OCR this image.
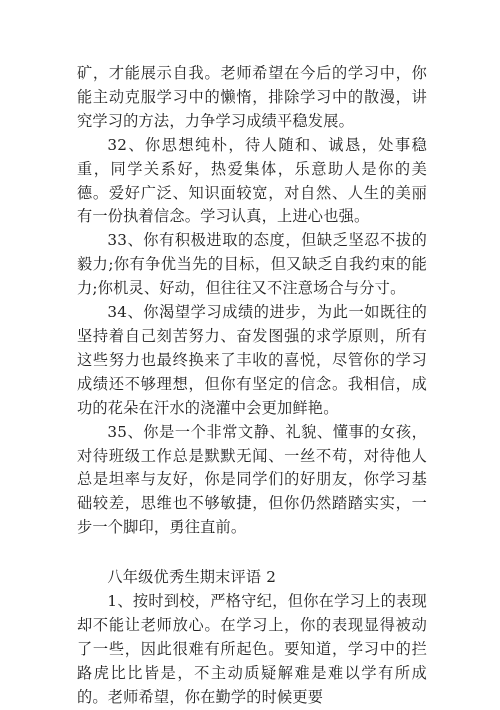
矿，才能展示自我。老师希望在今后的学习中，你能主动克服学习中的懒惰，排除学习中的散漫，讲究学习的方法，力争学习成绩平稳发展。

32、你思想纯朴，待人随和、诚恳，处事稳重，同学关系好，热爱集体，乐意助人是你的美德。爱好广泛、知识面较宽，对自然、人生的美丽有一份执着信念。学习认真，上进心也强。

33、你有积极进取的态度，但缺乏坚忍不拔的毅力;你有争优当先的目标，但又缺乏自我约束的能力;你机灵、好动，但往往又不注意场合与分寸。

34、你渴望学习成绩的进步，为此一如既往的坚持着自己刻苦努力、奋发图强的求学原则，所有这些努力也最终换来了丰收的喜悦，尽管你的学习成绩还不够理想，但你有坚定的信念。我相信，成功的花朵在汗水的浇灌中会更加鲜艳。

35、你是一个非常文静、礼貌、懂事的女孩，对待班级工作总是默默无闻、一丝不苟，对待他人总是坦率与友好，你是同学们的好朋友，你学习基础较差，思维也不够敏捷，但你仍然踏踏实实，一步一个脚印，勇往直前。

八年级优秀生期末评语 2

1、按时到校，严格守纪，但你在学习上的表现却不能让老师放心。在学习上，你的表现显得被动了一些，因此很难有所起色。要知道，学习中的拦路虎比比皆是，不主动质疑解难是难以学有所成的。老师希望，你在勤学的时候更要
